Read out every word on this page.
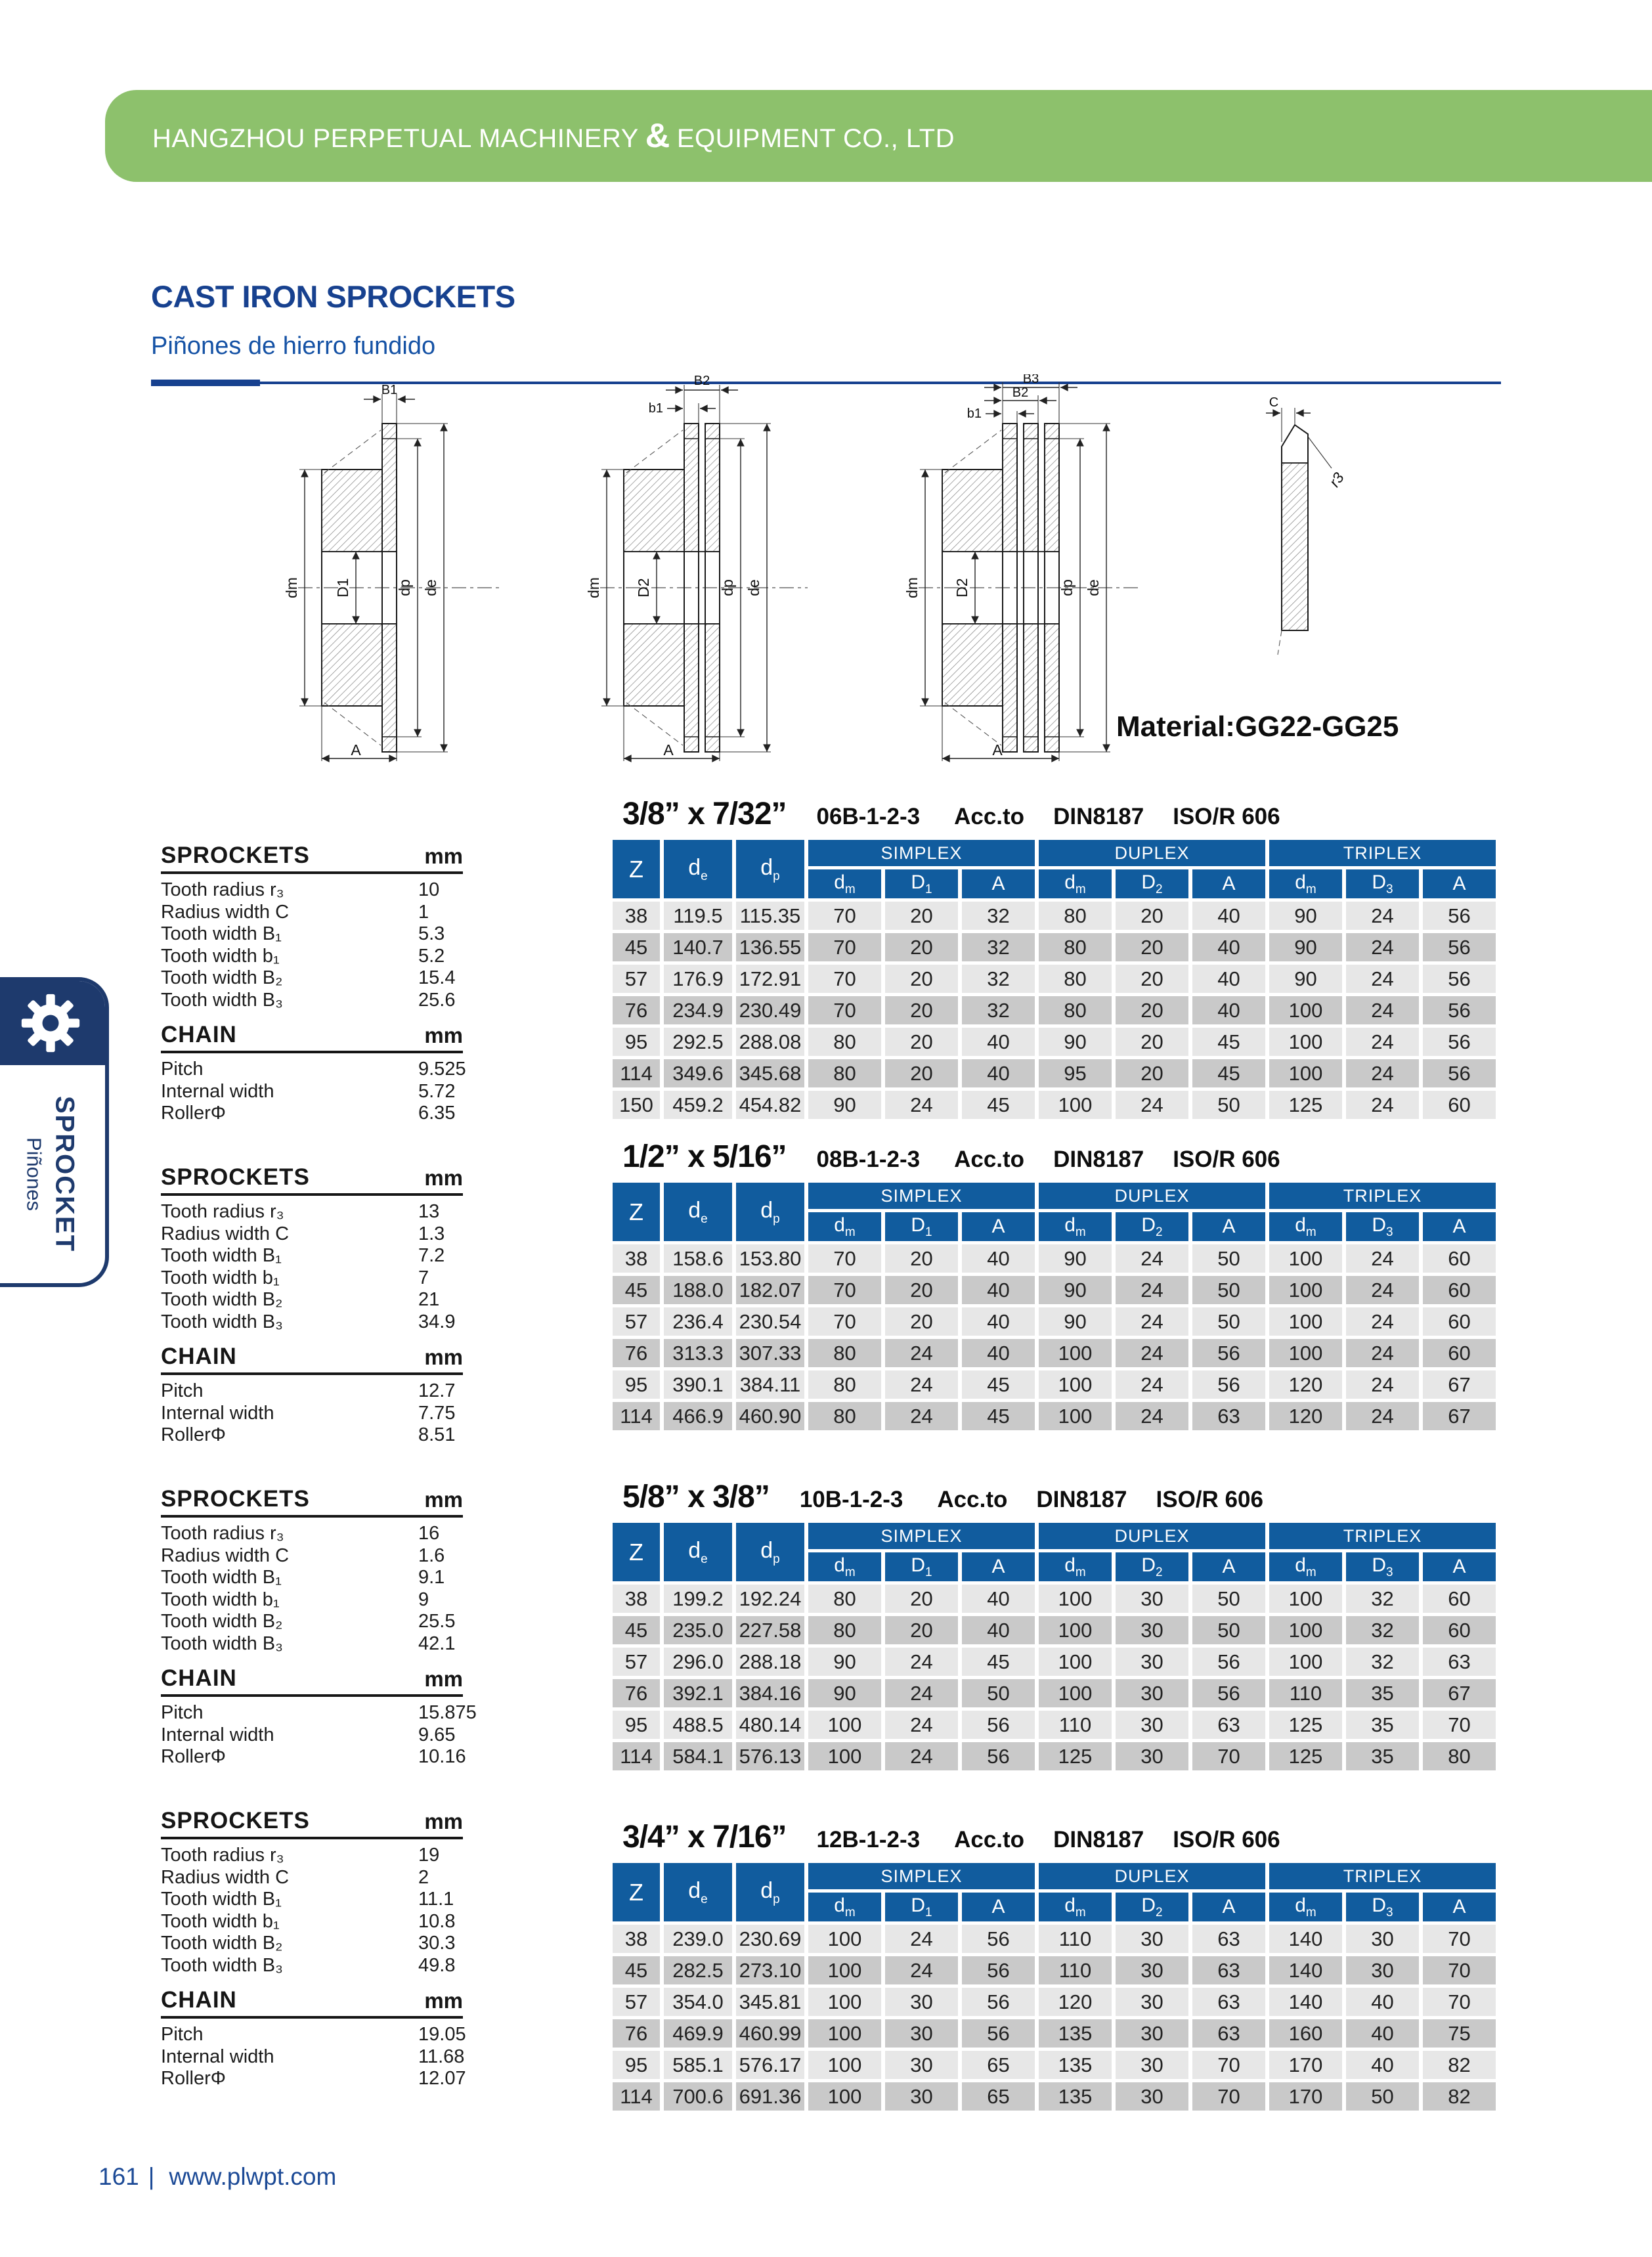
HANGZHOU PERPETUAL MACHINERY & EQUIPMENT CO., LTD
CAST IRON SPROCKETS
Piñones de hierro fundido
B1
dm D1	dp de
A
B2
b1
dm D2	dp de
A
B3
B2
b1
dm D2	dp de
A
C
r3
Material:GG22-GG25
SPROCKET
Piñones
SPROCKETS	mm
Tooth radius r₃	10
Radius width C	1
Tooth width B₁	5.3
Tooth width b₁	5.2
Tooth width B₂	15.4
Tooth width B₃	25.6
CHAIN	mm
Pitch	9.525
Internal width	5.72
RollerΦ	6.35
SPROCKETS	mm
Tooth radius r₃	13
Radius width C	1.3
Tooth width B₁	7.2
Tooth width b₁	7
Tooth width B₂	21
Tooth width B₃	34.9
CHAIN	mm
Pitch	12.7
Internal width	7.75
RollerΦ	8.51
SPROCKETS	mm
Tooth radius r₃	16
Radius width C	1.6
Tooth width B₁	9.1
Tooth width b₁	9
Tooth width B₂	25.5
Tooth width B₃	42.1
CHAIN	mm
Pitch	15.875
Internal width	9.65
RollerΦ	10.16
SPROCKETS	mm
Tooth radius r₃	19
Radius width C	2
Tooth width B₁	11.1
Tooth width b₁	10.8
Tooth width B₂	30.3
Tooth width B₃	49.8
CHAIN	mm
Pitch	19.05
Internal width	11.68
RollerΦ	12.07
3/8” x 7/32” 06B-1-2-3 Acc.to DIN8187 ISO/R 606
Z	$d_e$	$d_p$	SIMPLEX			DUPLEX			TRIPLEX		
			$d_m$	$D_1$	A	$d_m$	$D_2$	A	$d_m$	$D_3$	A
38	119.5	115.35	70	20	32	80	20	40	90	24	56
45	140.7	136.55	70	20	32	80	20	40	90	24	56
57	176.9	172.91	70	20	32	80	20	40	90	24	56
76	234.9	230.49	70	20	32	80	20	40	100	24	56
95	292.5	288.08	80	20	40	90	20	45	100	24	56
114	349.6	345.68	80	20	40	95	20	45	100	24	56
150	459.2	454.82	90	24	45	100	24	50	125	24	60
1/2” x 5/16” 08B-1-2-3 Acc.to DIN8187 ISO/R 606
Z	$d_e$	$d_p$	SIMPLEX			DUPLEX			TRIPLEX		
			$d_m$	$D_1$	A	$d_m$	$D_2$	A	$d_m$	$D_3$	A
38	158.6	153.80	70	20	40	90	24	50	100	24	60
45	188.0	182.07	70	20	40	90	24	50	100	24	60
57	236.4	230.54	70	20	40	90	24	50	100	24	60
76	313.3	307.33	80	24	40	100	24	56	100	24	60
95	390.1	384.11	80	24	45	100	24	56	120	24	67
114	466.9	460.90	80	24	45	100	24	63	120	24	67
5/8” x 3/8” 10B-1-2-3 Acc.to DIN8187 ISO/R 606
Z	$d_e$	$d_p$	SIMPLEX			DUPLEX			TRIPLEX		
			$d_m$	$D_1$	A	$d_m$	$D_2$	A	$d_m$	$D_3$	A
38	199.2	192.24	80	20	40	100	30	50	100	32	60
45	235.0	227.58	80	20	40	100	30	50	100	32	60
57	296.0	288.18	90	24	45	100	30	56	100	32	63
76	392.1	384.16	90	24	50	100	30	56	110	35	67
95	488.5	480.14	100	24	56	110	30	63	125	35	70
114	584.1	576.13	100	24	56	125	30	70	125	35	80
3/4” x 7/16” 12B-1-2-3 Acc.to DIN8187 ISO/R 606
Z	$d_e$	$d_p$	SIMPLEX			DUPLEX			TRIPLEX		
			$d_m$	$D_1$	A	$d_m$	$D_2$	A	$d_m$	$D_3$	A
38	239.0	230.69	100	24	56	110	30	63	140	30	70
45	282.5	273.10	100	24	56	110	30	63	140	30	70
57	354.0	345.81	100	30	56	120	30	63	140	40	70
76	469.9	460.99	100	30	56	135	30	63	160	40	75
95	585.1	576.17	100	30	65	135	30	70	170	40	82
114	700.6	691.36	100	30	65	135	30	70	170	50	82
161 | www.plwpt.com
